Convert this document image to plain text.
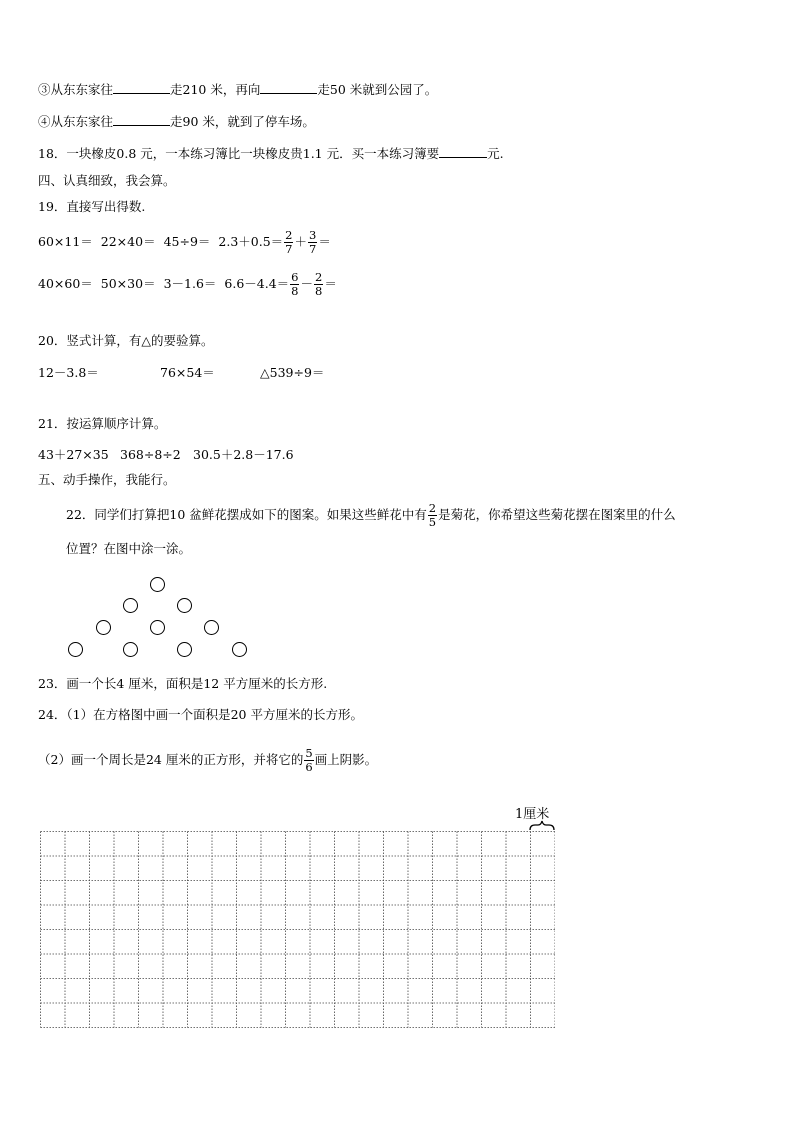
③从东东家往	走210 米，再向	走50 米就到公园了。
④从东东家往	走90 米，就到了停车场。
18．一块橡皮0.8 元，一本练习簿比一块橡皮贵1.1 元．买一本练习簿要	元.
四、认真细致，我会算。
19．直接写出得数.
$60\times 11= 22\times 40= 45\div 9= 2.3+0.5= \frac{2}{7} + \frac{3}{7}$ ＝
$40\times 60= 50\times 30= 3-1.6= 6.6-4.4= \frac{6}{8} - \frac{2}{8}$ ＝
20．竖式计算，有△的要验算。
12－3.8＝	76×54＝	△539÷9＝
21．按运算顺序计算。
43＋27×35 368÷8÷2 30.5＋2.8－17.6
五、动手操作，我能行。
22．同学们打算把10 盆鲜花摆成如下的图案。如果这些鲜花中有 $\frac{2}{5}$ 是菊花，你希望这些菊花摆在图案里的什么
位置？在图中涂一涂。
23．画一个长4 厘米，面积是12 平方厘米的长方形.
24．（1）在方格图中画一个面积是20 平方厘米的长方形。
（2）画一个周长是24 厘米的正方形，并将它的 $\frac{5}{6}$ 画上阴影。
1厘米
